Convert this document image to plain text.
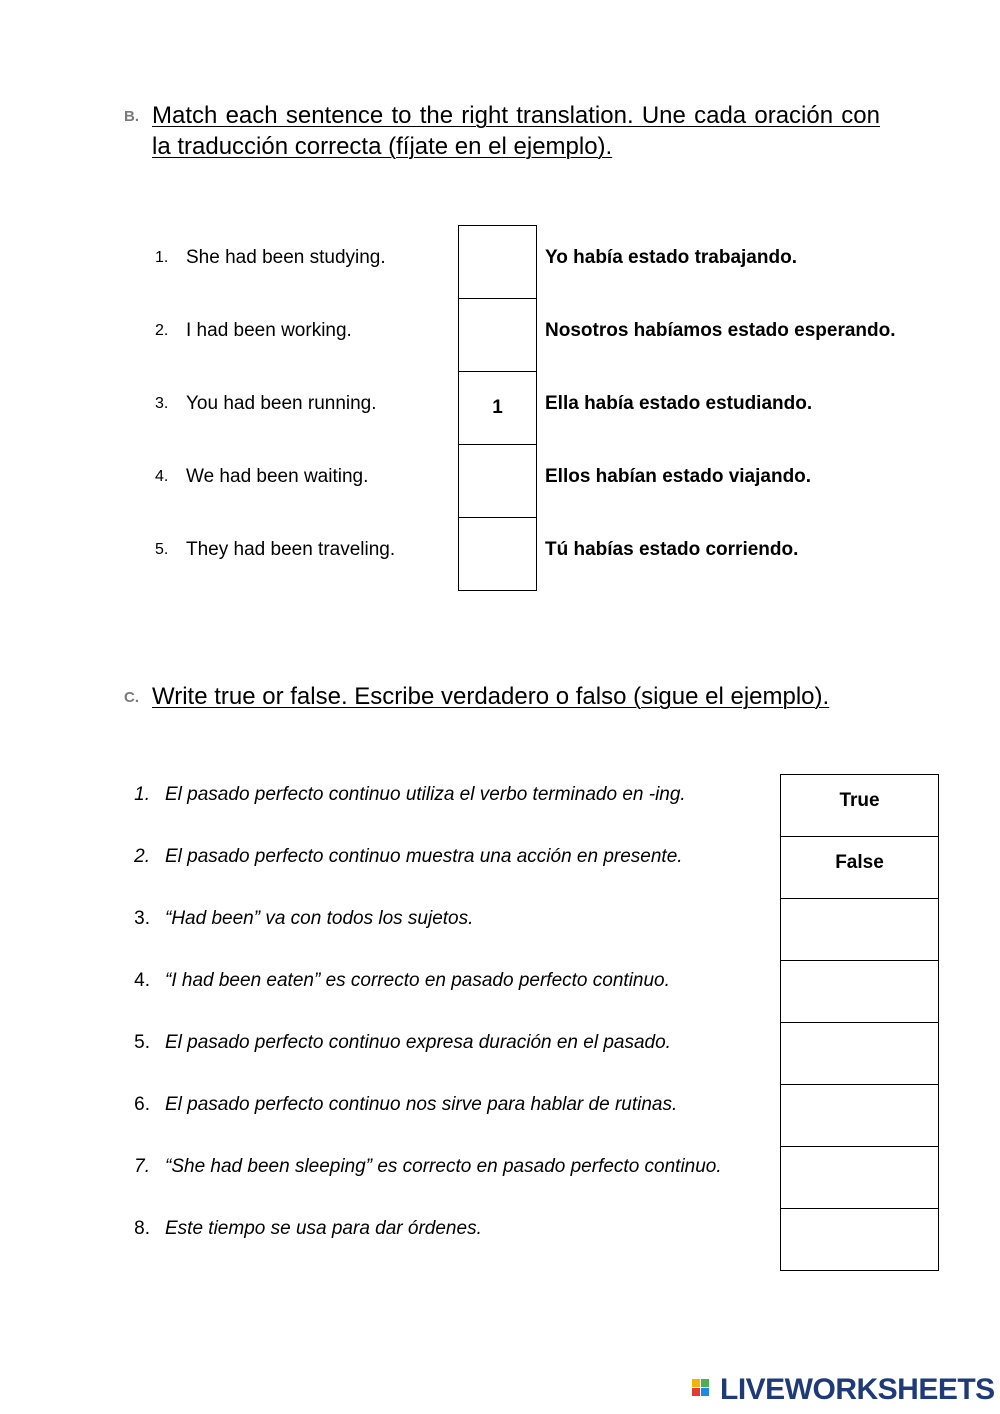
B. Match each sentence to the right translation. Une cada oración con la traducción correcta (fíjate en el ejemplo).
1. She had been studying.	Yo había estado trabajando.
2. I had been working.	Nosotros habíamos estado esperando.
3. You had been running.	1	Ella había estado estudiando.
4. We had been waiting.	Ellos habían estado viajando.
5. They had been traveling.	Tú habías estado corriendo.
C. Write true or false. Escribe verdadero o falso (sigue el ejemplo).
1. El pasado perfecto continuo utiliza el verbo terminado en -ing.	True
2. El pasado perfecto continuo muestra una acción en presente.	False
3. “Had been” va con todos los sujetos.
4. “I had been eaten” es correcto en pasado perfecto continuo.
5. El pasado perfecto continuo expresa duración en el pasado.
6. El pasado perfecto continuo nos sirve para hablar de rutinas.
7. “She had been sleeping” es correcto en pasado perfecto continuo.
8. Este tiempo se usa para dar órdenes.
LIVEWORKSHEETS
